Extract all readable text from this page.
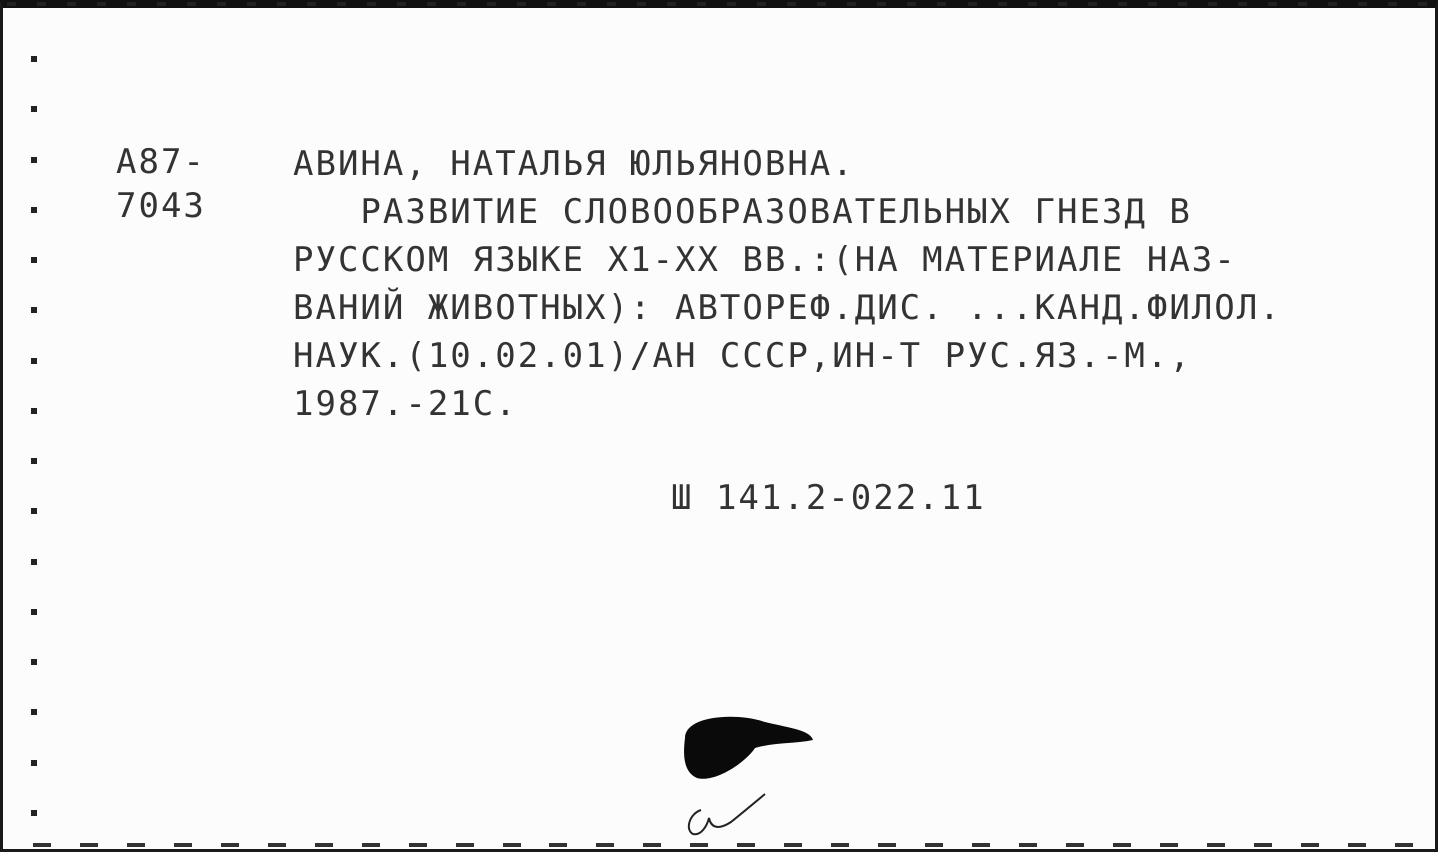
А87-
7043
АВИНА, НАТАЛЬЯ ЮЛЬЯНОВНА.
РАЗВИТИЕ СЛОВООБРАЗОВАТЕЛЬНЫХ ГНЕЗД В
РУССКОМ ЯЗЫКЕ X1-XX ВВ.:(НА МАТЕРИАЛЕ НАЗ-
ВАНИЙ ЖИВОТНЫХ): АВТОРЕФ.ДИС. ...КАНД.ФИЛОЛ.
НАУК.(10.02.01)/АН СССР,ИН-Т РУС.ЯЗ.-М.,
1987.-21С.
Ш 141.2-022.11
